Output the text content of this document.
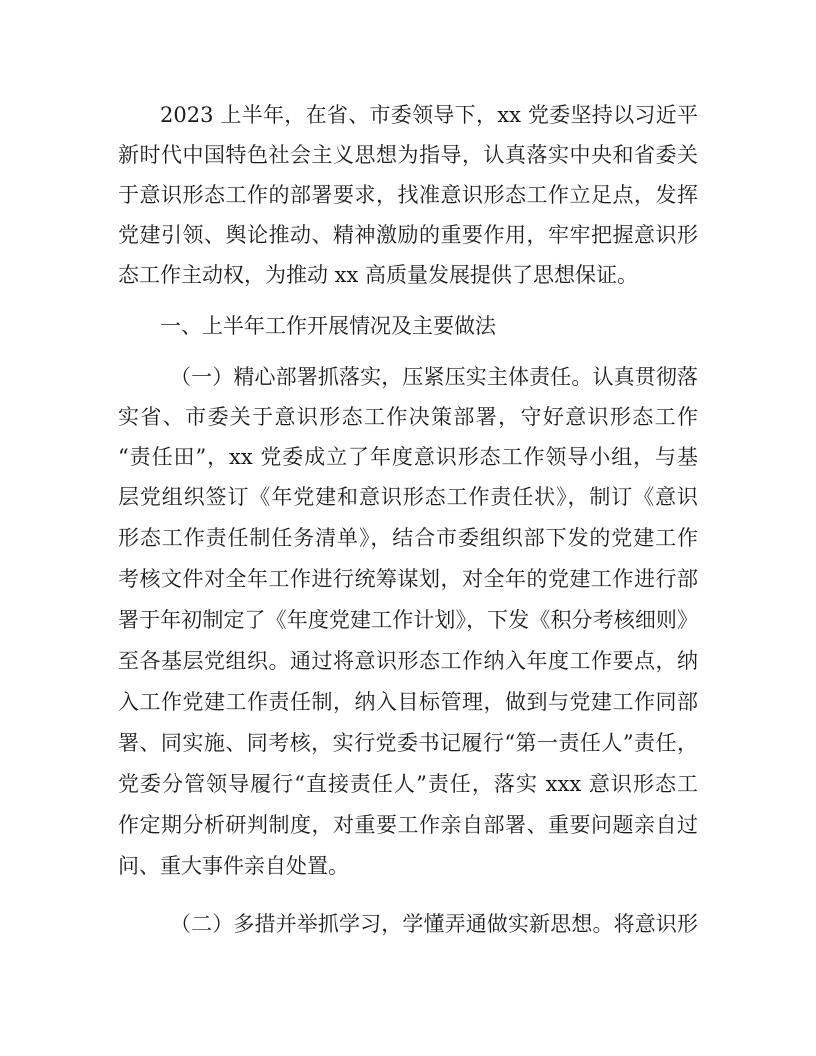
2023 上半年，在省、市委领导下，xx 党委坚持以习近平
新时代中国特色社会主义思想为指导，认真落实中央和省委关
于意识形态工作的部署要求，找准意识形态工作立足点，发挥
党建引领、舆论推动、精神激励的重要作用，牢牢把握意识形
态工作主动权，为推动 xx 高质量发展提供了思想保证。
一、上半年工作开展情况及主要做法
（一）精心部署抓落实，压紧压实主体责任。认真贯彻落
实省、市委关于意识形态工作决策部署，守好意识形态工作
“责任田”，xx 党委成立了年度意识形态工作领导小组，与基
层党组织签订《年党建和意识形态工作责任状》，制订《意识
形态工作责任制任务清单》，结合市委组织部下发的党建工作
考核文件对全年工作进行统筹谋划，对全年的党建工作进行部
署于年初制定了《年度党建工作计划》，下发《积分考核细则》
至各基层党组织。通过将意识形态工作纳入年度工作要点，纳
入工作党建工作责任制，纳入目标管理，做到与党建工作同部
署、同实施、同考核，实行党委书记履行“第一责任人”责任，
党委分管领导履行“直接责任人”责任，落实 xxx 意识形态工
作定期分析研判制度，对重要工作亲自部署、重要问题亲自过
问、重大事件亲自处置。
（二）多措并举抓学习，学懂弄通做实新思想。将意识形
